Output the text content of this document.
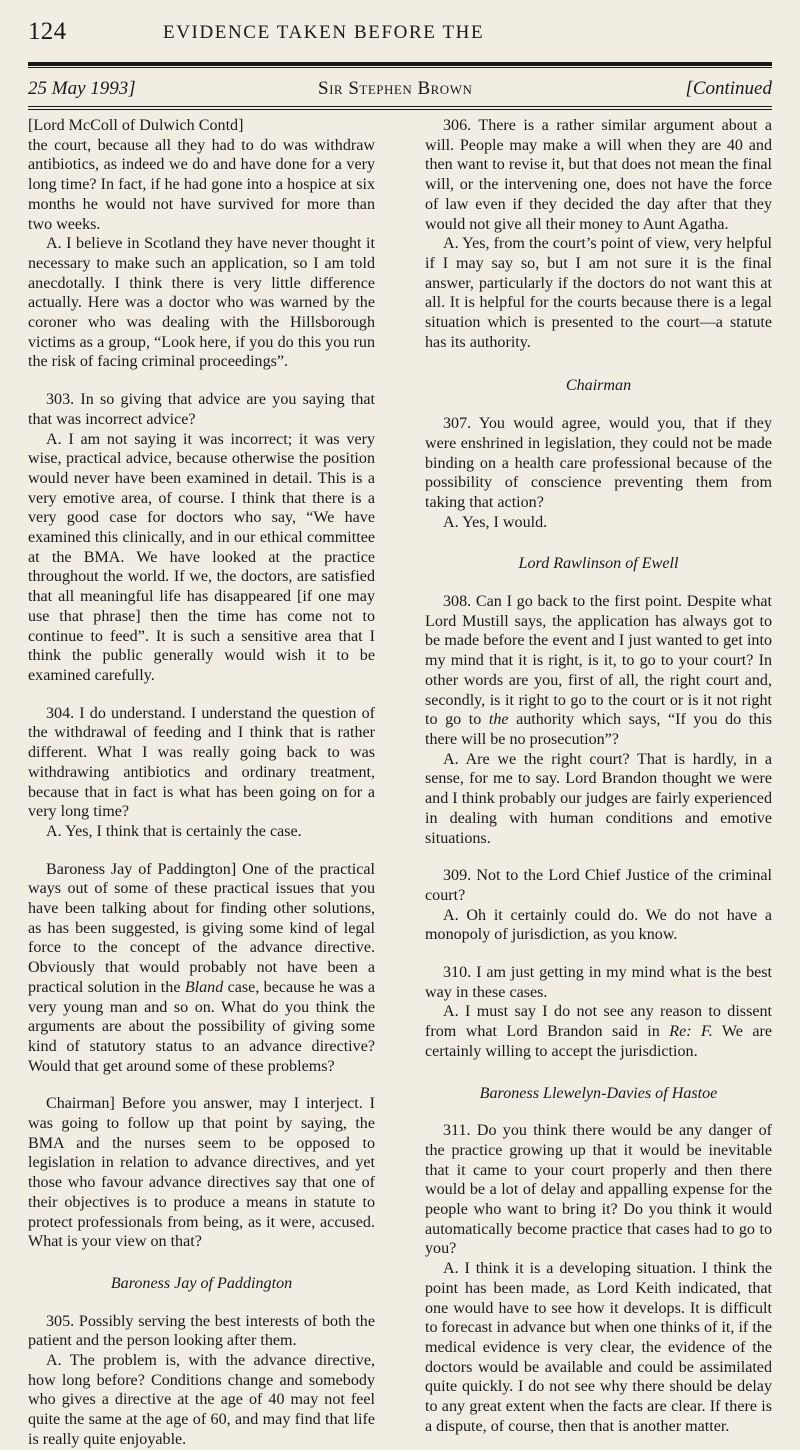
124	EVIDENCE TAKEN BEFORE THE
25 May 1993]	Sir Stephen Brown	[Continued

[Lord McColl of Dulwich Contd]

the court, because all they had to do was withdraw antibiotics, as indeed we do and have done for a very long time? In fact, if he had gone into a hospice at six months he would not have survived for more than two weeks.

A. I believe in Scotland they have never thought it necessary to make such an application, so I am told anecdotally. I think there is very little difference actually. Here was a doctor who was warned by the coroner who was dealing with the Hillsborough victims as a group, “Look here, if you do this you run the risk of facing criminal proceedings”.

303. In so giving that advice are you saying that that was incorrect advice?

A. I am not saying it was incorrect; it was very wise, practical advice, because otherwise the position would never have been examined in detail. This is a very emotive area, of course. I think that there is a very good case for doctors who say, “We have examined this clinically, and in our ethical committee at the BMA. We have looked at the practice throughout the world. If we, the doctors, are satisfied that all meaningful life has disappeared [if one may use that phrase] then the time has come not to continue to feed”. It is such a sensitive area that I think the public generally would wish it to be examined carefully.

304. I do understand. I understand the question of the withdrawal of feeding and I think that is rather different. What I was really going back to was withdrawing antibiotics and ordinary treatment, because that in fact is what has been going on for a very long time?

A. Yes, I think that is certainly the case.

Baroness Jay of Paddington] One of the practical ways out of some of these practical issues that you have been talking about for finding other solutions, as has been suggested, is giving some kind of legal force to the concept of the advance directive. Obviously that would probably not have been a practical solution in the Bland case, because he was a very young man and so on. What do you think the arguments are about the possibility of giving some kind of statutory status to an advance directive? Would that get around some of these problems?

Chairman] Before you answer, may I interject. I was going to follow up that point by saying, the BMA and the nurses seem to be opposed to legislation in relation to advance directives, and yet those who favour advance directives say that one of their objectives is to produce a means in statute to protect professionals from being, as it were, accused. What is your view on that?

Baroness Jay of Paddington

305. Possibly serving the best interests of both the patient and the person looking after them.

A. The problem is, with the advance directive, how long before? Conditions change and somebody who gives a directive at the age of 40 may not feel quite the same at the age of 60, and may find that life is really quite enjoyable.

306. There is a rather similar argument about a will. People may make a will when they are 40 and then want to revise it, but that does not mean the final will, or the intervening one, does not have the force of law even if they decided the day after that they would not give all their money to Aunt Agatha.

A. Yes, from the court’s point of view, very helpful if I may say so, but I am not sure it is the final answer, particularly if the doctors do not want this at all. It is helpful for the courts because there is a legal situation which is presented to the court—a statute has its authority.

Chairman

307. You would agree, would you, that if they were enshrined in legislation, they could not be made binding on a health care professional because of the possibility of conscience preventing them from taking that action?

A. Yes, I would.

Lord Rawlinson of Ewell

308. Can I go back to the first point. Despite what Lord Mustill says, the application has always got to be made before the event and I just wanted to get into my mind that it is right, is it, to go to your court? In other words are you, first of all, the right court and, secondly, is it right to go to the court or is it not right to go to the authority which says, “If you do this there will be no prosecution”?

A. Are we the right court? That is hardly, in a sense, for me to say. Lord Brandon thought we were and I think probably our judges are fairly experienced in dealing with human conditions and emotive situations.

309. Not to the Lord Chief Justice of the criminal court?

A. Oh it certainly could do. We do not have a monopoly of jurisdiction, as you know.

310. I am just getting in my mind what is the best way in these cases.

A. I must say I do not see any reason to dissent from what Lord Brandon said in Re: F. We are certainly willing to accept the jurisdiction.

Baroness Llewelyn-Davies of Hastoe

311. Do you think there would be any danger of the practice growing up that it would be inevitable that it came to your court properly and then there would be a lot of delay and appalling expense for the people who want to bring it? Do you think it would automatically become practice that cases had to go to you?

A. I think it is a developing situation. I think the point has been made, as Lord Keith indicated, that one would have to see how it develops. It is difficult to forecast in advance but when one thinks of it, if the medical evidence is very clear, the evidence of the doctors would be available and could be assimilated quite quickly. I do not see why there should be delay to any great extent when the facts are clear. If there is a dispute, of course, then that is another matter.
